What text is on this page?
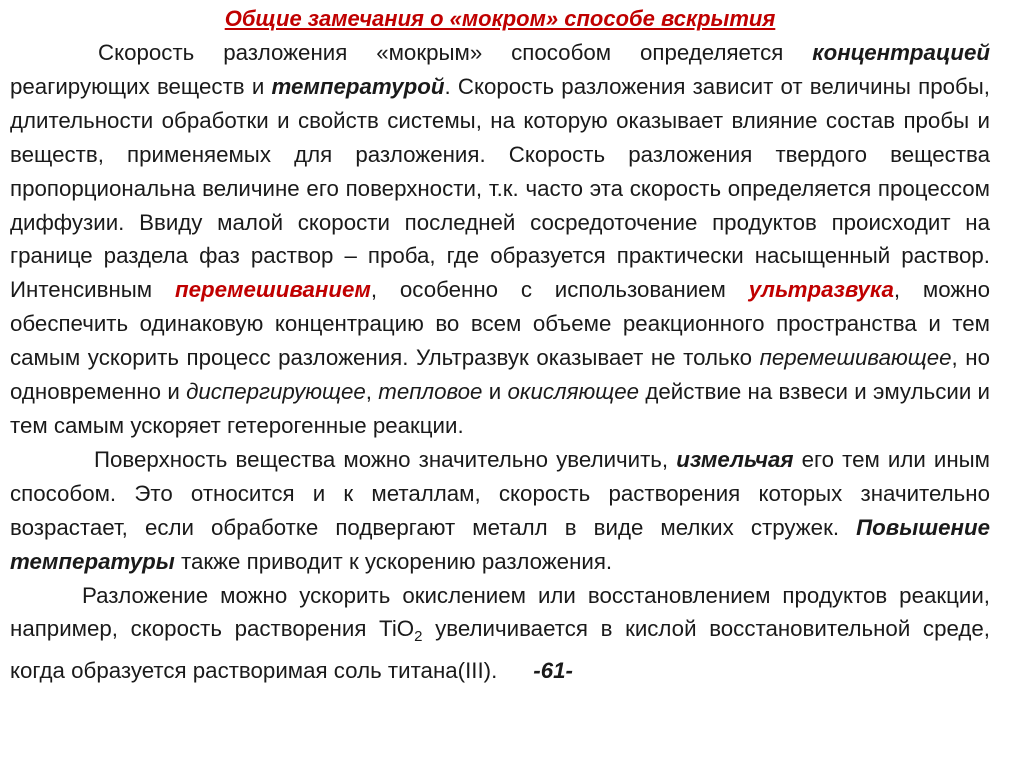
Общие замечания о «мокром» способе вскрытия

Скорость разложения «мокрым» способом определяется концентрацией реагирующих веществ и температурой. Скорость разложения зависит от величины пробы, длительности обработки и свойств системы, на которую оказывает влияние состав пробы и веществ, применяемых для разложения. Скорость разложения твердого вещества пропорциональна величине его поверхности, т.к. часто эта скорость определяется процессом диффузии. Ввиду малой скорости последней сосредоточение продуктов происходит на границе раздела фаз раствор – проба, где образуется практически насыщенный раствор. Интенсивным перемешиванием, особенно с использованием ультразвука, можно обеспечить одинаковую концентрацию во всем объеме реакционного пространства и тем самым ускорить процесс разложения. Ультразвук оказывает не только перемешивающее, но одновременно и диспергирующее, тепловое и окисляющее действие на взвеси и эмульсии и тем самым ускоряет гетерогенные реакции.

Поверхность вещества можно значительно увеличить, измельчая его тем или иным способом. Это относится и к металлам, скорость растворения которых значительно возрастает, если обработке подвергают металл в виде мелких стружек. Повышение температуры также приводит к ускорению разложения.

Разложение можно ускорить окислением или восстановлением продуктов реакции, например, скорость растворения TiO$_2$ увеличивается в кислой восстановительной среде, когда образуется растворимая соль титана(III). -61-
